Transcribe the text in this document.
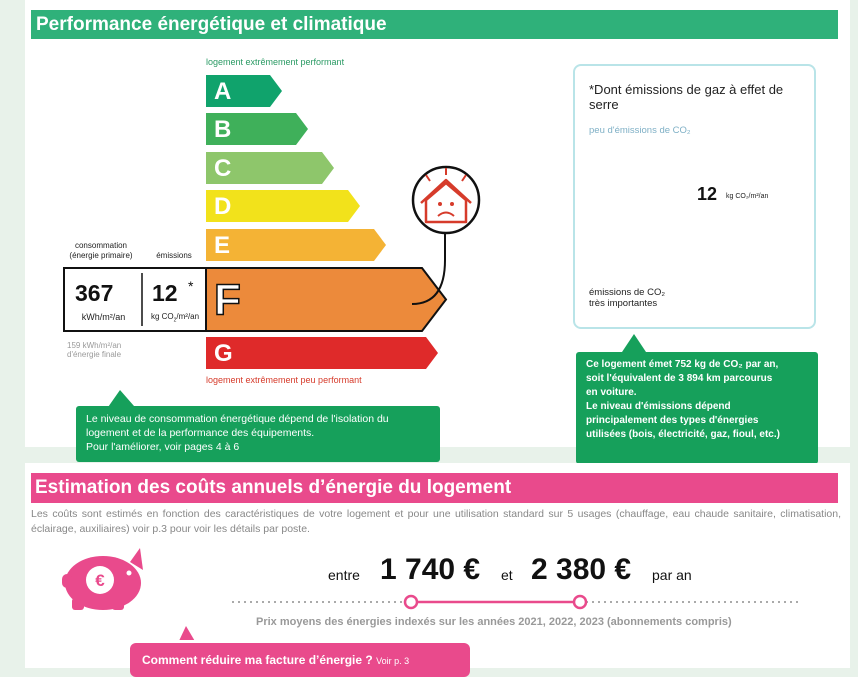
Performance énergétique et climatique
logement extrêmement performant
logement extrêmement peu performant
A
B
C
D
E
F
G
consommation
(énergie primaire)	émissions
367
kWh/m²/an
12 *
kg $CO_2/m^2/an$
159 kWh/m²/an
d'énergie finale
*Dont émissions de gaz à effet de serre
peu d'émissions de CO₂
émissions de CO₂
très importantes
12 kg CO₂/m²/an
Le niveau de consommation énergétique dépend de l'isolation du
logement et de la performance des équipements.
Pour l'améliorer, voir pages 4 à 6
Ce logement émet 752 kg de CO₂ par an,
soit l'équivalent de 3 894 km parcourus
en voiture.
Le niveau d'émissions dépend
principalement des types d'énergies
utilisées (bois, électricité, gaz, fioul, etc.)
Estimation des coûts annuels d’énergie du logement
Les coûts sont estimés en fonction des caractéristiques de votre logement et pour une utilisation standard sur 5 usages (chauffage, eau chaude sanitaire, climatisation, éclairage, auxiliaires) voir p.3 pour voir les détails par poste.
€	entre 1 740 € et 2 380 € par an
Prix moyens des énergies indexés sur les années 2021, 2022, 2023 (abonnements compris)
Comment réduire ma facture d’énergie ? Voir p. 3
